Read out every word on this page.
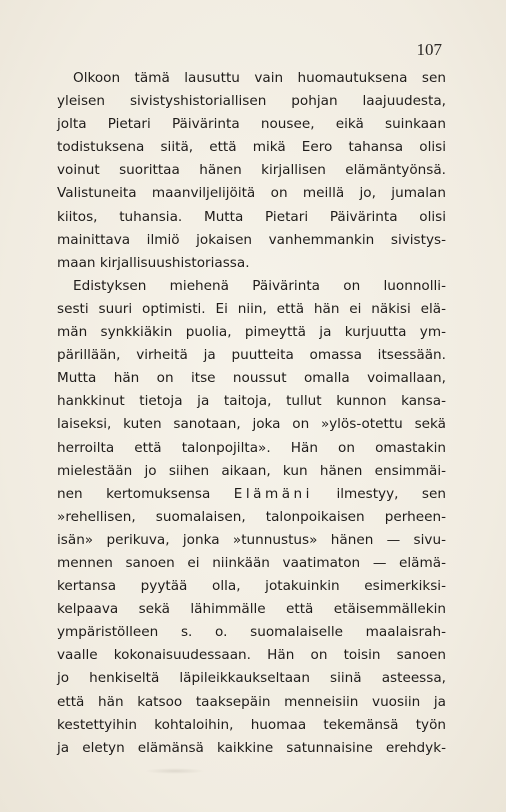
107
Olkoon tämä lausuttu vain huomautuksena sen
yleisen sivistyshistoriallisen pohjan laajuudesta,
jolta Pietari Päivärinta nousee, eikä suinkaan
todistuksena siitä, että mikä Eero tahansa olisi
voinut suorittaa hänen kirjallisen elämäntyönsä.
Valistuneita maanviljelijöitä on meillä jo, jumalan
kiitos, tuhansia. Mutta Pietari Päivärinta olisi
mainittava ilmiö jokaisen vanhemmankin sivistys-
maan kirjallisuushistoriassa.
Edistyksen miehenä Päivärinta on luonnolli-
sesti suuri optimisti. Ei niin, että hän ei näkisi elä-
män synkkiäkin puolia, pimeyttä ja kurjuutta ym-
pärillään, virheitä ja puutteita omassa itsessään.
Mutta hän on itse noussut omalla voimallaan,
hankkinut tietoja ja taitoja, tullut kunnon kansa-
laiseksi, kuten sanotaan, joka on »ylös-otettu sekä
herroilta että talonpojilta». Hän on omastakin
mielestään jo siihen aikaan, kun hänen ensimmäi-
nen kertomuksensa Elämäni ilmestyy, sen
»rehellisen, suomalaisen, talonpoikaisen perheen-
isän» perikuva, jonka »tunnustus» hänen — sivu-
mennen sanoen ei niinkään vaatimaton — elämä-
kertansa pyytää olla, jotakuinkin esimerkiksi-
kelpaava sekä lähimmälle että etäisemmällekin
ympäristölleen s. o. suomalaiselle maalaisrah-
vaalle kokonaisuudessaan. Hän on toisin sanoen
jo henkiseltä läpileikkaukseltaan siinä asteessa,
että hän katsoo taaksepäin menneisiin vuosiin ja
kestettyihin kohtaloihin, huomaa tekemänsä työn
ja eletyn elämänsä kaikkine satunnaisine erehdyk-
